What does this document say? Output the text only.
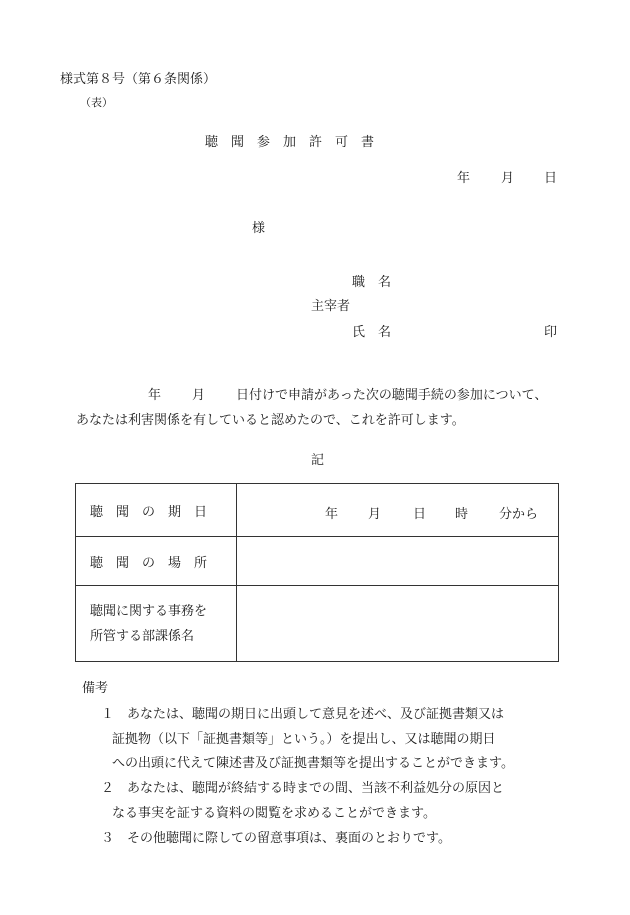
様式第８号（第６条関係）
（表）
聴　聞　参　加　許　可　書
年 月 日
様
職　名
主宰者
氏　名	印
年 月 日付けで申請があった次の聴聞手続の参加について、
あなたは利害関係を有していると認めたので、これを許可します。
記
聴　聞　の　期　日	年 月 日 時 分から

聴　聞　の　場　所	

聴聞に関する事務を
所管する部課係名	

備考
１ あなたは、聴聞の期日に出頭して意見を述べ、及び証拠書類又は
証拠物（以下「証拠書類等」という。）を提出し、又は聴聞の期日
への出頭に代えて陳述書及び証拠書類等を提出することができます。
２ あなたは、聴聞が終結する時までの間、当該不利益処分の原因と
なる事実を証する資料の閲覧を求めることができます。
３ その他聴聞に際しての留意事項は、裏面のとおりです。
